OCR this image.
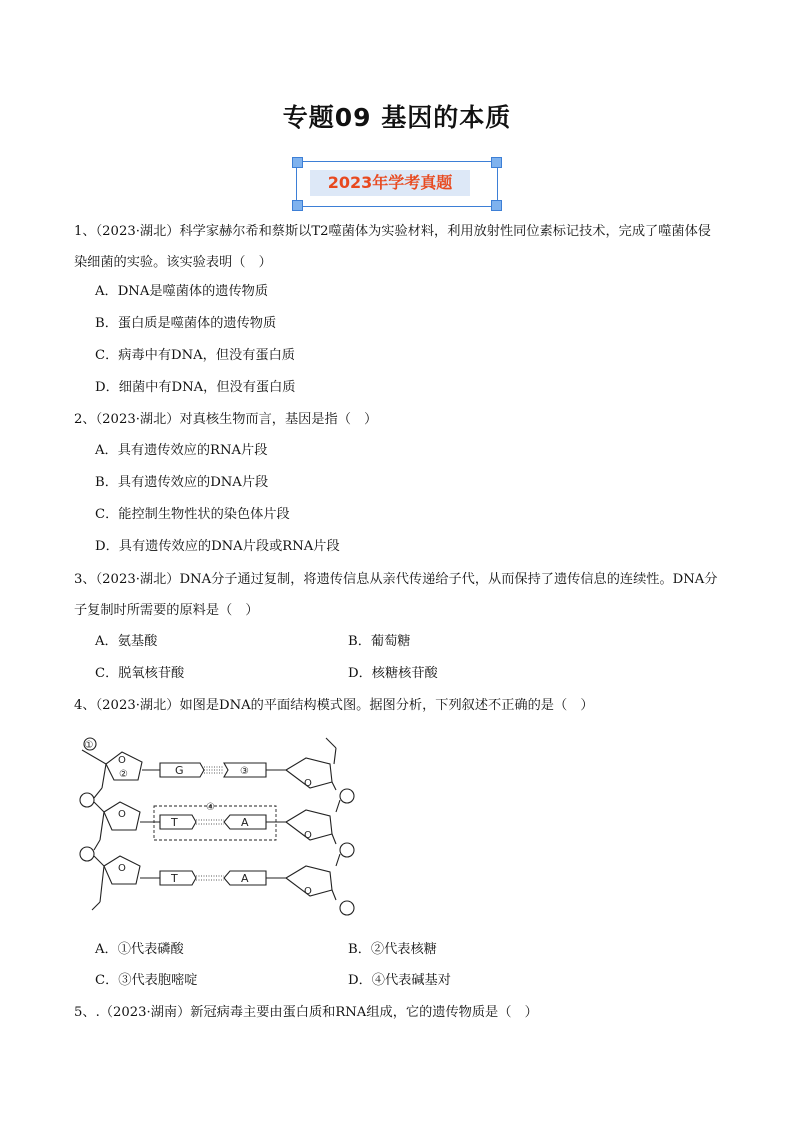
专题09 基因的本质
2023年学考真题
1、（2023·湖北）科学家赫尔希和蔡斯以T2噬菌体为实验材料，利用放射性同位素标记技术，完成了噬菌体侵染细菌的实验。该实验表明（　）
A．DNA是噬菌体的遗传物质
B．蛋白质是噬菌体的遗传物质
C．病毒中有DNA，但没有蛋白质
D．细菌中有DNA，但没有蛋白质
2、（2023·湖北）对真核生物而言，基因是指（　）
A．具有遗传效应的RNA片段
B．具有遗传效应的DNA片段
C．能控制生物性状的染色体片段
D．具有遗传效应的DNA片段或RNA片段
3、（2023·湖北）DNA分子通过复制，将遗传信息从亲代传递给子代，从而保持了遗传信息的连续性。DNA分子复制时所需要的原料是（　）
A．氨基酸	B．葡萄糖
C．脱氧核苷酸	D．核糖核苷酸
4、（2023·湖北）如图是DNA的平面结构模式图。据图分析，下列叙述不正确的是（　）
①
O
②
O
O
G	③
④
T	A
T	A
O
O
O
A．①代表磷酸	B．②代表核糖
C．③代表胞嘧啶	D．④代表碱基对
5、.（2023·湖南）新冠病毒主要由蛋白质和RNA组成，它的遗传物质是（　）
